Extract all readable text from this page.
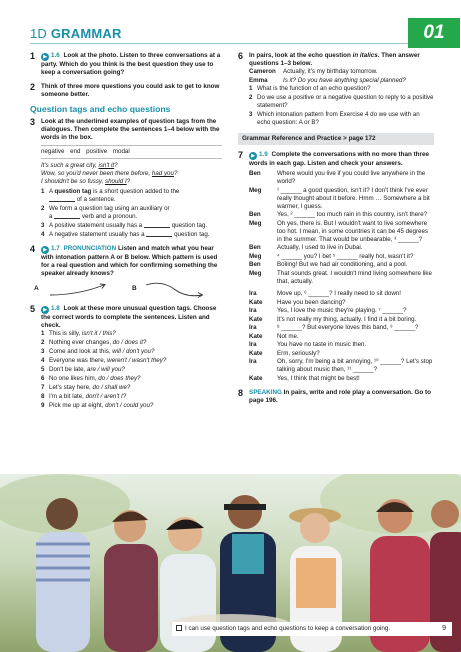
1D GRAMMAR	01
1	▶ 1.6 Look at the photo. Listen to three conversations at a party. Which do you think is the best question they use to keep a conversation going?
2 Think of three more questions you could ask to get to know someone better.
Question tags and echo questions
3 Look at the underlined examples of question tags from the dialogues. Then complete the sentences 1–4 below with the words in the box.
negative end positive modal
It's such a great city, isn't it?
Wow, so you'd never been there before, had you?
I shouldn't be so fussy, should I?
1 A question tag is a short question added to the
of a sentence.
2 We form a question tag using an auxiliary or
a	verb and a pronoun.
3 A positive statement usually has a	question tag.
4 A negative statement usually has a	question tag.
4	▶ 1.7 PRONUNCIATION Listen and match what you hear with intonation pattern A or B below. Which pattern is used for a real question and which for confirming something the speaker already knows?
A	B
5	▶ 1.8 Look at these more unusual question tags. Choose the correct words to complete the sentences. Listen and check.
1 This is silly, isn't it / this?
2 Nothing ever changes, do / does it?
3 Come and look at this, will / don't you?
4 Everyone was there, weren't / wasn't they?
5 Don't be late, are / will you?
6 No one likes him, do / does they?
7 Let's stay here, do / shall we?
8 I'm a bit late, don't / aren't I?
9 Pick me up at eight, don't / could you?
6 In pairs, look at the echo question in italics. Then answer questions 1–3 below.
Cameron Actually, it's my birthday tomorrow.
Emma Is it? Do you have anything special planned?
1 What is the function of an echo question?
2 Do we use a positive or a negative question to reply to a positive statement?
3 Which intonation pattern from Exercise 4 do we use with an echo question: A or B?
Grammar Reference and Practice > page 172
7	▶ 1.9 Complete the conversations with no more than three words in each gap. Listen and check your answers.
Ben	Where would you live if you could live anywhere in the world?
Meg	¹ ______ a good question, isn't it? I don't think I've ever really thought about it before. Hmm … Somewhere a bit warmer, I guess.
Ben	Yes, ² ______ too much rain in this country, isn't there?
Meg	Oh yes, there is. But I wouldn't want to live somewhere too hot. I mean, in some countries it can be 45 degrees in the summer. That would be unbearable, ³ ______?
Ben	Actually, I used to live in Dubai.
Meg	⁴ ______ you? I bet ⁵ ______ really hot, wasn't it?
Ben	Boiling! But we had air conditioning, and a pool.
Meg	That sounds great. I wouldn't mind living somewhere like that, actually.
Ira	Move up, ⁶ ______? I really need to sit down!
Kate Have you been dancing?
Ira	Yes, I love the music they're playing. ⁷ ______?
Kate It's not really my thing, actually. I find it a bit boring.
Ira	⁸ ______? But everyone loves this band, ⁹ ______?
Kate Not me.
Ira	You have no taste in music then.
Kate Erm, seriously?
Ira	Oh, sorry, I'm being a bit annoying, ¹⁰ ______? Let's stop talking about music then, ¹¹ ______?
Kate Yes, I think that might be best!
8 SPEAKING In pairs, write and role play a conversation. Go to page 196.
I can use question tags and echo questions to keep a conversation going.	9
